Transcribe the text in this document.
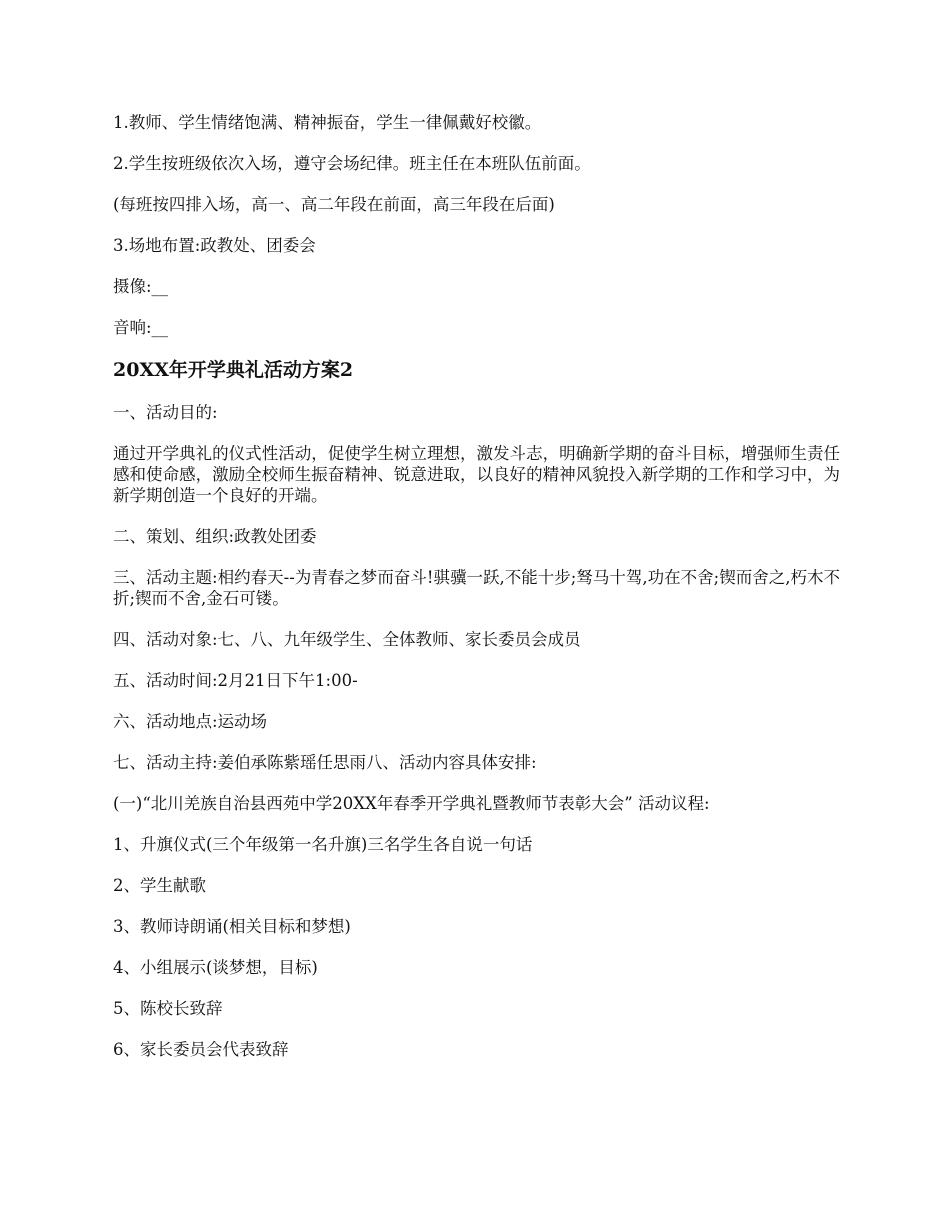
1.教师、学生情绪饱满、精神振奋，学生一律佩戴好校徽。

2.学生按班级依次入场，遵守会场纪律。班主任在本班队伍前面。

(每班按四排入场，高一、高二年段在前面，高三年段在后面)

3.场地布置:政教处、团委会

摄像:__

音响:__

20XX年开学典礼活动方案2

一、活动目的:

通过开学典礼的仪式性活动，促使学生树立理想，激发斗志，明确新学期的奋斗目标，增强师生责任感和使命感，激励全校师生振奋精神、锐意进取，以良好的精神风貌投入新学期的工作和学习中，为新学期创造一个良好的开端。

二、策划、组织:政教处团委

三、活动主题:相约春天--为青春之梦而奋斗!骐骥一跃,不能十步;驽马十驾,功在不舍;锲而舍之,朽木不折;锲而不舍,金石可镂。

四、活动对象:七、八、九年级学生、全体教师、家长委员会成员

五、活动时间:2月21日下午1:00-

六、活动地点:运动场

七、活动主持:姜伯承陈紫瑶任思雨八、活动内容具体安排:

(一)“北川羌族自治县西苑中学20XX年春季开学典礼暨教师节表彰大会” 活动议程:

1、升旗仪式(三个年级第一名升旗)三名学生各自说一句话

2、学生献歌

3、教师诗朗诵(相关目标和梦想)

4、小组展示(谈梦想，目标)

5、陈校长致辞

6、家长委员会代表致辞
